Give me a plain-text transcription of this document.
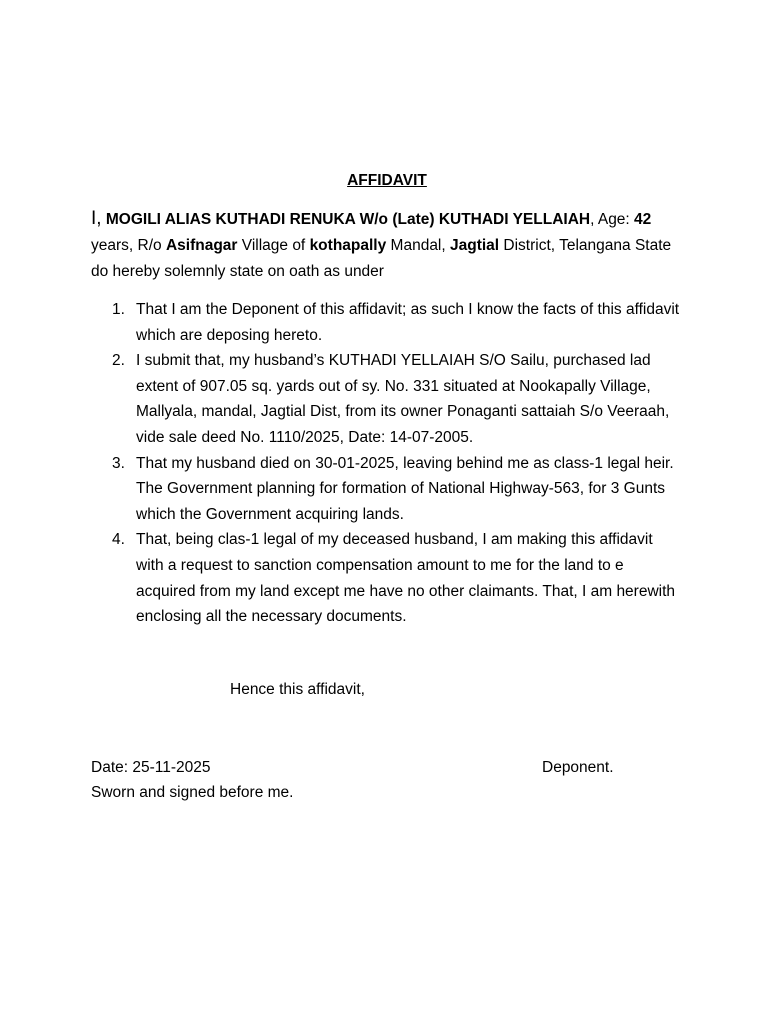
AFFIDAVIT
I, MOGILI ALIAS KUTHADI RENUKA W/o (Late) KUTHADI YELLAIAH, Age: 42 years, R/o Asifnagar Village of kothapally Mandal, Jagtial District, Telangana State do hereby solemnly state on oath as under
1. That I am the Deponent of this affidavit; as such I know the facts of this affidavit which are deposing hereto.
2. I submit that, my husband’s KUTHADI YELLAIAH S/O Sailu, purchased lad extent of 907.05 sq. yards out of sy. No. 331 situated at Nookapally Village, Mallyala, mandal, Jagtial Dist, from its owner Ponaganti sattaiah S/o Veeraah, vide sale deed No. 1110/2025, Date: 14-07-2005.
3. That my husband died on 30-01-2025, leaving behind me as class-1 legal heir. The Government planning for formation of National Highway-563, for 3 Gunts which the Government acquiring lands.
4. That, being clas-1 legal of my deceased husband, I am making this affidavit with a request to sanction compensation amount to me for the land to e acquired from my land except me have no other claimants. That, I am herewith enclosing all the necessary documents.
Hence this affidavit,
Date: 25-11-2025	Deponent.
Sworn and signed before me.
